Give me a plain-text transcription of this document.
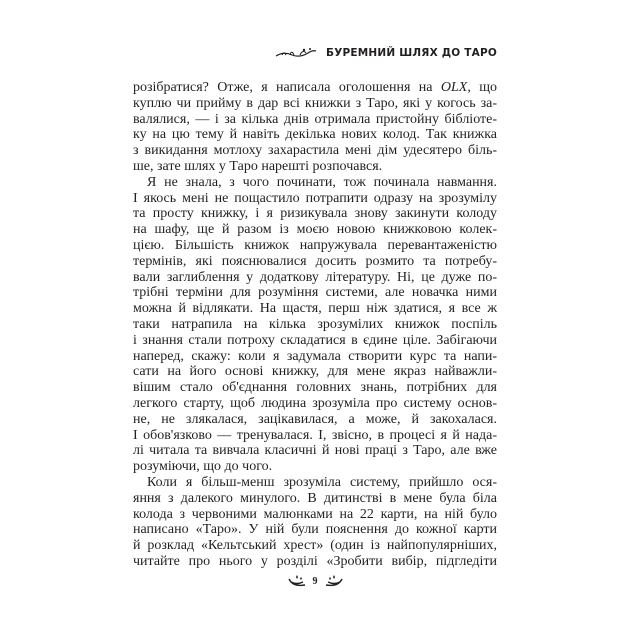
БУРЕМНИЙ ШЛЯХ ДО ТАРО
розібратися? Отже, я написала оголошення на OLX, що
куплю чи прийму в дар всі книжки з Таро, які у когось за-
валялися, — і за кілька днів отримала пристойну бібліоте-
ку на цю тему й навіть декілька нових колод. Так книжка
з викидання мотлоху захарастила мені дім удесятеро біль-
ше, зате шлях у Таро нарешті розпочався.
Я не знала, з чого починати, тож починала навмання.
І якось мені не пощастило потрапити одразу на зрозумілу
та просту книжку, і я ризикувала знову закинути колоду
на шафу, ще й разом із моєю новою книжковою колек-
цією. Більшість книжок напружувала перевантаженістю
термінів, які пояснювалися досить розмито та потребу-
вали заглиблення у додаткову літературу. Ні, це дуже по-
трібні терміни для розуміння системи, але новачка ними
можна й відлякати. На щастя, перш ніж здатися, я все ж
таки натрапила на кілька зрозумілих книжок поспіль
і знання стали потроху складатися в єдине ціле. Забігаючи
наперед, скажу: коли я задумала створити курс та напи-
сати на його основі книжку, для мене якраз найважли-
вішим стало об'єднання головних знань, потрібних для
легкого старту, щоб людина зрозуміла про систему основ-
не, не злякалася, зацікавилася, а може, й закохалася.
І обов'язково — тренувалася. І, звісно, в процесі я й нада-
лі читала та вивчала класичні й нові праці з Таро, але вже
розуміючи, що до чого.
Коли я більш-менш зрозуміла систему, прийшло ося-
яння з далекого минулого. В дитинстві в мене була біла
колода з червоними малюнками на 22 карти, на ній було
написано «Таро». У ній були пояснення до кожної карти
й розклад «Кельтський хрест» (один із найпопулярніших,
читайте про нього у розділі «Зробити вибір, підгледіти
9
